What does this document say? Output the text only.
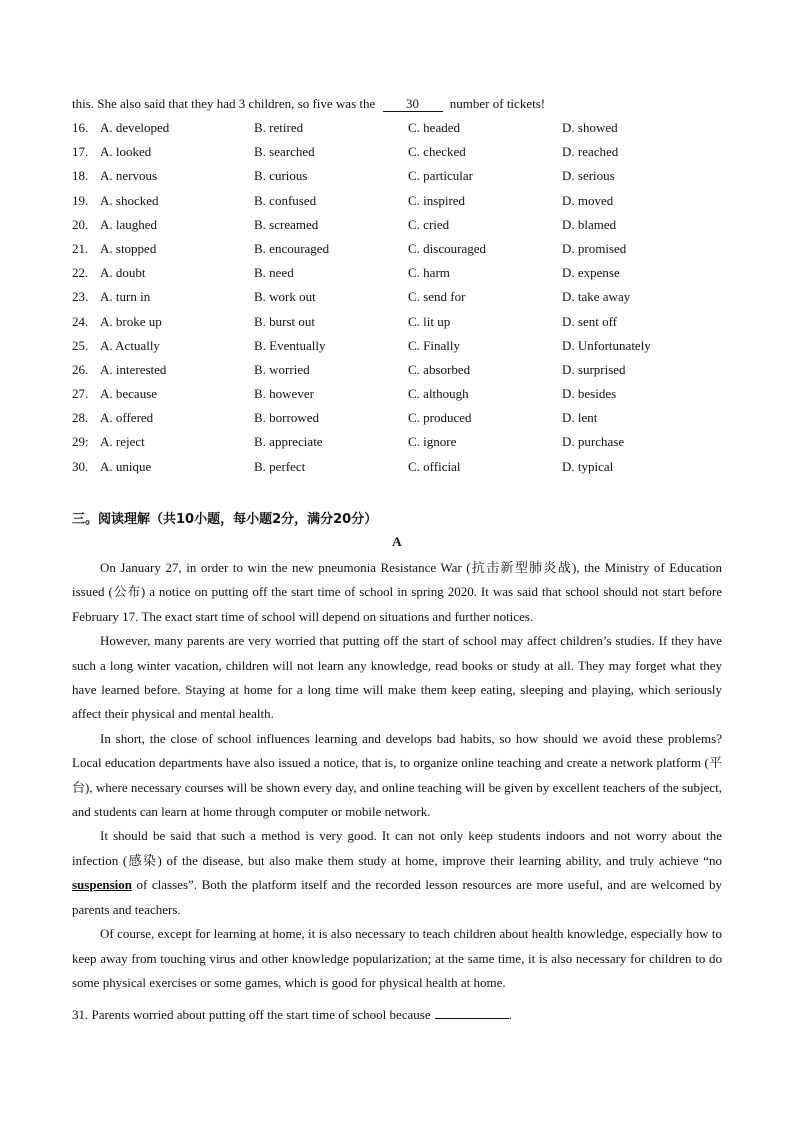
this. She also said that they had 3 children, so five was the 30 number of tickets!
16. A. developed	B. retired	C. headed	D. showed
17. A. looked	B. searched	C. checked	D. reached
18. A. nervous	B. curious	C. particular	D. serious
19. A. shocked	B. confused	C. inspired	D. moved
20. A. laughed	B. screamed	C. cried	D. blamed
21. A. stopped	B. encouraged	C. discouraged	D. promised
22. A. doubt	B. need	C. harm	D. expense
23. A. turn in	B. work out	C. send for	D. take away
24. A. broke up	B. burst out	C. lit up	D. sent off
25. A. Actually	B. Eventually	C. Finally	D. Unfortunately
26. A. interested	B. worried	C. absorbed	D. surprised
27. A. because	B. however	C. although	D. besides
28. A. offered	B. borrowed	C. produced	D. lent
29: A. reject	B. appreciate	C. ignore	D. purchase
30. A. unique	B. perfect	C. official	D. typical
三。阅读理解（共10小题，每小题2分，满分20分）
A

On January 27, in order to win the new pneumonia Resistance War (抗击新型肺炎战), the Ministry of Education issued (公布) a notice on putting off the start time of school in spring 2020. It was said that school should not start before February 17. The exact start time of school will depend on situations and further notices.

However, many parents are very worried that putting off the start of school may affect children’s studies. If they have such a long winter vacation, children will not learn any knowledge, read books or study at all. They may forget what they have learned before. Staying at home for a long time will make them keep eating, sleeping and playing, which seriously affect their physical and mental health.

In short, the close of school influences learning and develops bad habits, so how should we avoid these problems? Local education departments have also issued a notice, that is, to organize online teaching and create a network platform (平台), where necessary courses will be shown every day, and online teaching will be given by excellent teachers of the subject, and students can learn at home through computer or mobile network.

It should be said that such a method is very good. It can not only keep students indoors and not worry about the infection (感染) of the disease, but also make them study at home, improve their learning ability, and truly achieve “no suspension of classes”. Both the platform itself and the recorded lesson resources are more useful, and are welcomed by parents and teachers.

Of course, except for learning at home, it is also necessary to teach children about health knowledge, especially how to keep away from touching virus and other knowledge popularization; at the same time, it is also necessary for children to do some physical exercises or some games, which is good for physical health at home.

31. Parents worried about putting off the start time of school because	.
